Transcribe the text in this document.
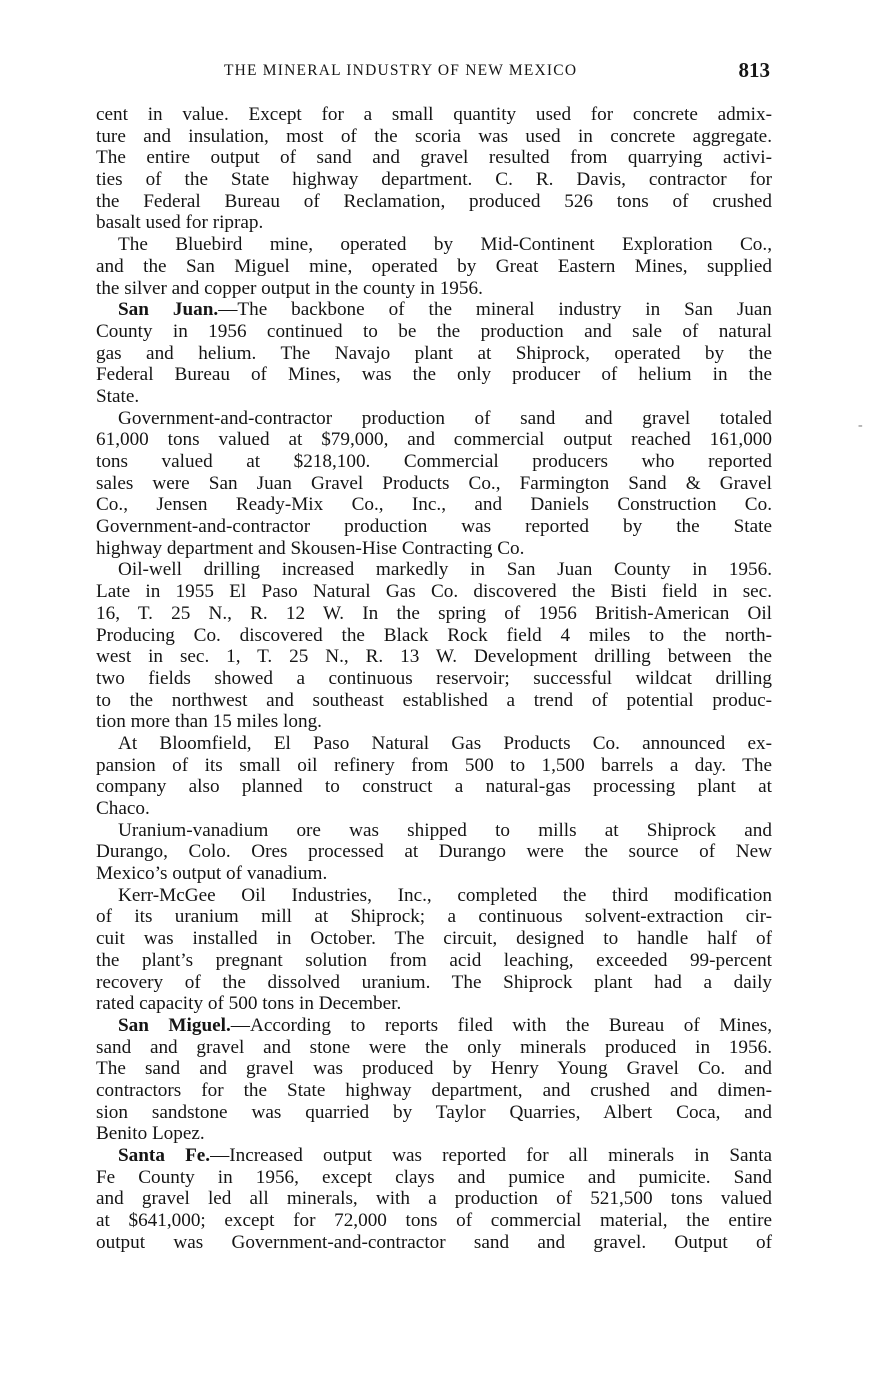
THE MINERAL INDUSTRY OF NEW MEXICO	813
cent in value. Except for a small quantity used for concrete admix-
ture and insulation, most of the scoria was used in concrete aggregate.
The entire output of sand and gravel resulted from quarrying activi-
ties of the State highway department. C. R. Davis, contractor for
the Federal Bureau of Reclamation, produced 526 tons of crushed
basalt used for riprap.
The Bluebird mine, operated by Mid-Continent Exploration Co.,
and the San Miguel mine, operated by Great Eastern Mines, supplied
the silver and copper output in the county in 1956.
San Juan.—The backbone of the mineral industry in San Juan
County in 1956 continued to be the production and sale of natural
gas and helium. The Navajo plant at Shiprock, operated by the
Federal Bureau of Mines, was the only producer of helium in the
State.
Government-and-contractor production of sand and gravel totaled
61,000 tons valued at $79,000, and commercial output reached 161,000
tons valued at $218,100. Commercial producers who reported
sales were San Juan Gravel Products Co., Farmington Sand & Gravel
Co., Jensen Ready-Mix Co., Inc., and Daniels Construction Co.
Government-and-contractor production was reported by the State
highway department and Skousen-Hise Contracting Co.
Oil-well drilling increased markedly in San Juan County in 1956.
Late in 1955 El Paso Natural Gas Co. discovered the Bisti field in sec.
16, T. 25 N., R. 12 W. In the spring of 1956 British-American Oil
Producing Co. discovered the Black Rock field 4 miles to the north-
west in sec. 1, T. 25 N., R. 13 W. Development drilling between the
two fields showed a continuous reservoir; successful wildcat drilling
to the northwest and southeast established a trend of potential produc-
tion more than 15 miles long.
At Bloomfield, El Paso Natural Gas Products Co. announced ex-
pansion of its small oil refinery from 500 to 1,500 barrels a day. The
company also planned to construct a natural-gas processing plant at
Chaco.
Uranium-vanadium ore was shipped to mills at Shiprock and
Durango, Colo. Ores processed at Durango were the source of New
Mexico’s output of vanadium.
Kerr-McGee Oil Industries, Inc., completed the third modification
of its uranium mill at Shiprock; a continuous solvent-extraction cir-
cuit was installed in October. The circuit, designed to handle half of
the plant’s pregnant solution from acid leaching, exceeded 99-percent
recovery of the dissolved uranium. The Shiprock plant had a daily
rated capacity of 500 tons in December.
San Miguel.—According to reports filed with the Bureau of Mines,
sand and gravel and stone were the only minerals produced in 1956.
The sand and gravel was produced by Henry Young Gravel Co. and
contractors for the State highway department, and crushed and dimen-
sion sandstone was quarried by Taylor Quarries, Albert Coca, and
Benito Lopez.
Santa Fe.—Increased output was reported for all minerals in Santa
Fe County in 1956, except clays and pumice and pumicite. Sand
and gravel led all minerals, with a production of 521,500 tons valued
at $641,000; except for 72,000 tons of commercial material, the entire
output was Government-and-contractor sand and gravel. Output of
-
